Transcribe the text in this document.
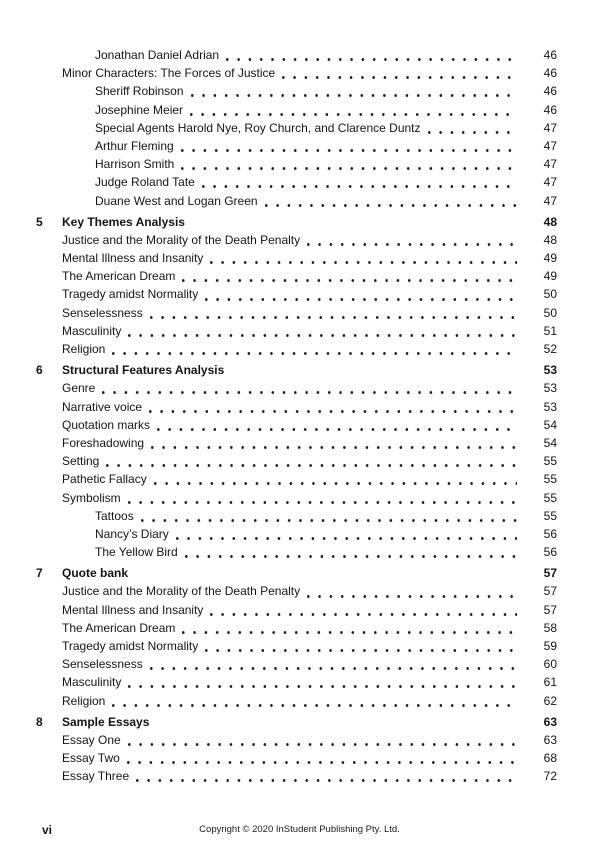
Jonathan Daniel Adrian	46
Minor Characters: The Forces of Justice	46
Sheriff Robinson	46
Josephine Meier	46
Special Agents Harold Nye, Roy Church, and Clarence Duntz	47
Arthur Fleming	47
Harrison Smith	47
Judge Roland Tate	47
Duane West and Logan Green	47
5	Key Themes Analysis	48
Justice and the Morality of the Death Penalty	48
Mental Illness and Insanity	49
The American Dream	49
Tragedy amidst Normality	50
Senselessness	50
Masculinity	51
Religion	52
6	Structural Features Analysis	53
Genre	53
Narrative voice	53
Quotation marks	54
Foreshadowing	54
Setting	55
Pathetic Fallacy	55
Symbolism	55
Tattoos	55
Nancy’s Diary	56
The Yellow Bird	56
7	Quote bank	57
Justice and the Morality of the Death Penalty	57
Mental Illness and Insanity	57
The American Dream	58
Tragedy amidst Normality	59
Senselessness	60
Masculinity	61
Religion	62
8	Sample Essays	63
Essay One	63
Essay Two	68
Essay Three	72
vi	Copyright © 2020 InStudent Publishing Pty. Ltd.
